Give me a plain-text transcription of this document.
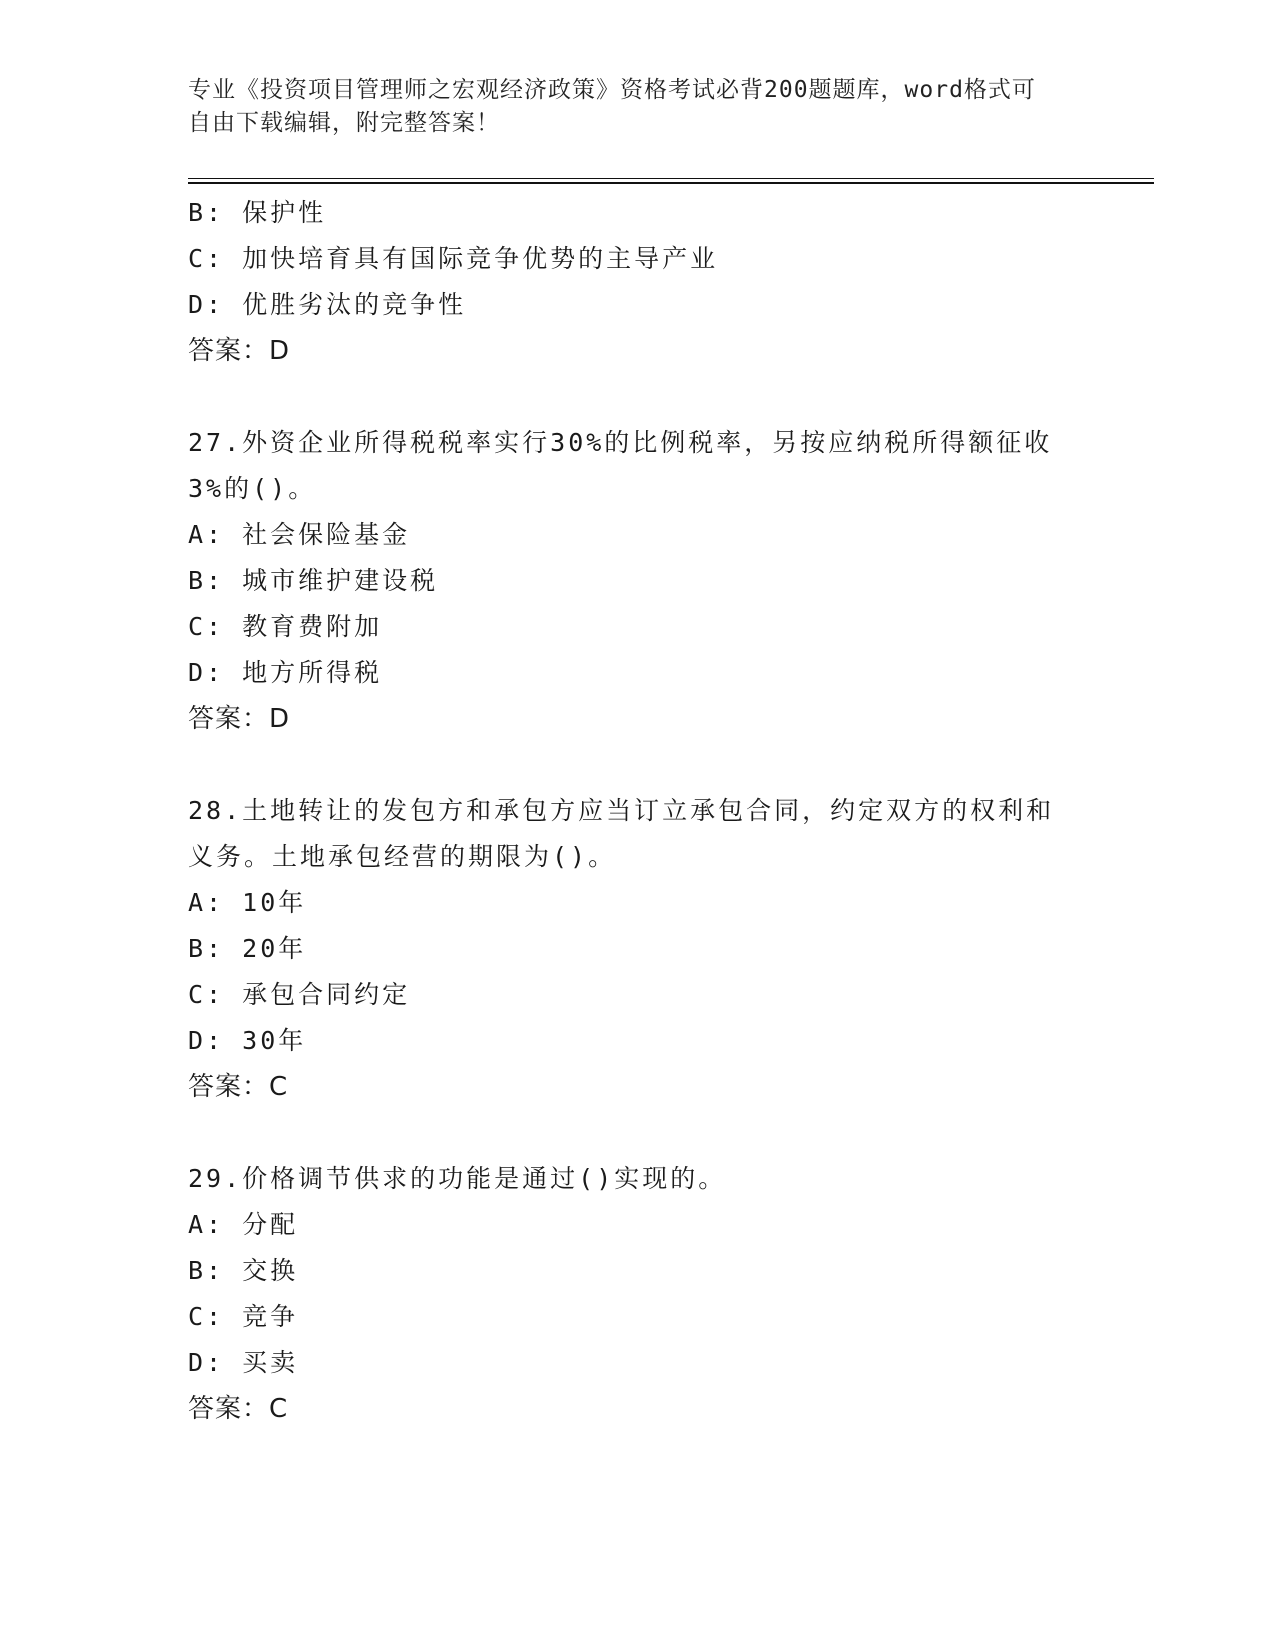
专业《投资项目管理师之宏观经济政策》资格考试必背200题题库，word格式可
自由下载编辑，附完整答案！
B: 保护性
C: 加快培育具有国际竞争优势的主导产业
D: 优胜劣汰的竞争性
答案：D
27.外资企业所得税税率实行30%的比例税率，另按应纳税所得额征收
3%的()。
A: 社会保险基金
B: 城市维护建设税
C: 教育费附加
D: 地方所得税
答案：D
28.土地转让的发包方和承包方应当订立承包合同，约定双方的权利和
义务。土地承包经营的期限为()。
A: 10年
B: 20年
C: 承包合同约定
D: 30年
答案：C
29.价格调节供求的功能是通过()实现的。
A: 分配
B: 交换
C: 竞争
D: 买卖
答案：C
